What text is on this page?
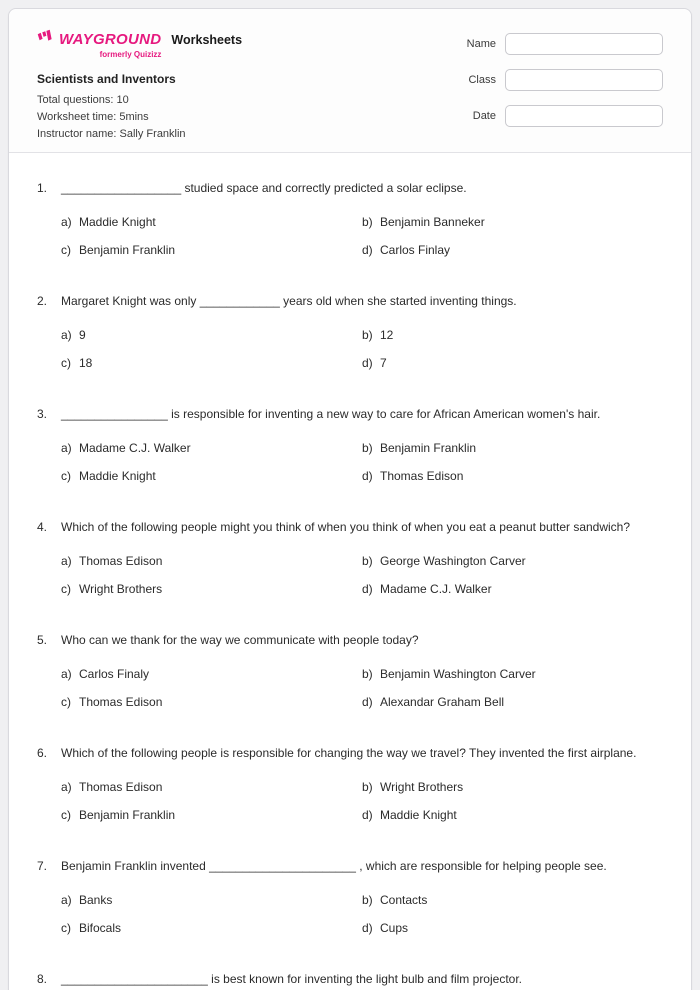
WAYGROUND
formerly Quizizz
Worksheets
Scientists and Inventors
Total questions: 10
Worksheet time: 5mins
Instructor name: Sally Franklin
Name
Class
Date
1.	__________________ studied space and correctly predicted a solar eclipse.
a) Maddie Knight	b) Benjamin Banneker
c) Benjamin Franklin	d) Carlos Finlay
2.	Margaret Knight was only ____________ years old when she started inventing things.
a) 9	b) 12
c) 18	d) 7
3.	________________ is responsible for inventing a new way to care for African American women's hair.
a) Madame C.J. Walker	b) Benjamin Franklin
c) Maddie Knight	d) Thomas Edison
4.	Which of the following people might you think of when you think of when you eat a peanut butter sandwich?
a) Thomas Edison	b) George Washington Carver
c) Wright Brothers	d) Madame C.J. Walker
5.	Who can we thank for the way we communicate with people today?
a) Carlos Finaly	b) Benjamin Washington Carver
c) Thomas Edison	d) Alexandar Graham Bell
6.	Which of the following people is responsible for changing the way we travel? They invented the first airplane.
a) Thomas Edison	b) Wright Brothers
c) Benjamin Franklin	d) Maddie Knight
7.	Benjamin Franklin invented ______________________ , which are responsible for helping people see.
a) Banks	b) Contacts
c) Bifocals	d) Cups
8.	______________________ is best known for inventing the light bulb and film projector.
